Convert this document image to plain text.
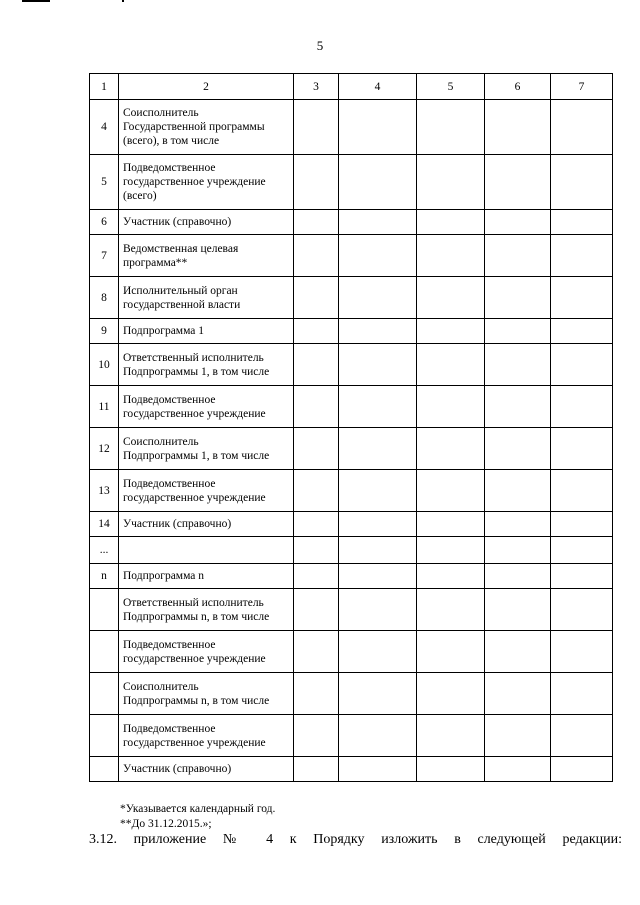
5
1	2	3	4	5	6	7
4	Соисполнитель
Государственной программы
(всего), в том числе					
5	Подведомственное
государственное учреждение
(всего)					
6	Участник (справочно)					
7	Ведомственная целевая
программа**					
8	Исполнительный орган
государственной власти					
9	Подпрограмма 1					
10	Ответственный исполнитель
Подпрограммы 1, в том числе					
11	Подведомственное
государственное учреждение					
12	Соисполнитель
Подпрограммы 1, в том числе					
13	Подведомственное
государственное учреждение					
14	Участник (справочно)					
...						
n	Подпрограмма n					
	Ответственный исполнитель
Подпрограммы n, в том числе					
	Подведомственное
государственное учреждение					
	Соисполнитель
Подпрограммы n, в том числе					
	Подведомственное
государственное учреждение					
	Участник (справочно)					
*Указывается календарный год.
**До 31.12.2015.»;
3.12. приложение № 4 к Порядку изложить в следующей редакции:
